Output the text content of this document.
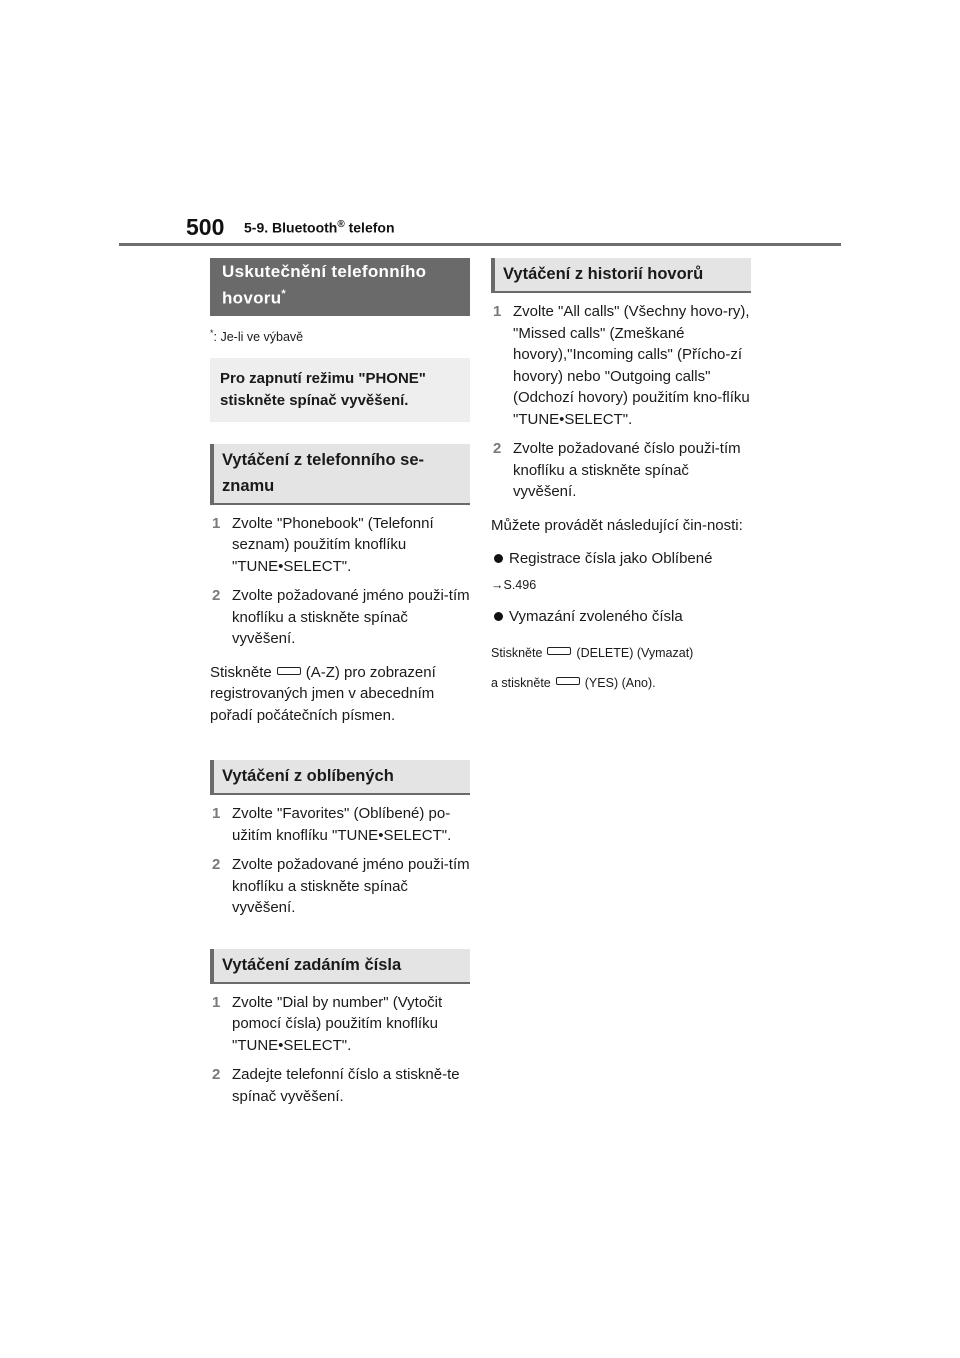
500 5-9. Bluetooth® telefon
Uskutečnění telefonního hovoru*
*: Je-li ve výbavě
Pro zapnutí režimu "PHONE" stiskněte spínač vyvěšení.
Vytáčení z telefonního se-znamu
1 Zvolte "Phonebook" (Telefonní seznam) použitím knoflíku "TUNE•SELECT".
2 Zvolte požadované jméno použi-tím knoflíku a stiskněte spínač vyvěšení.
Stiskněte (A-Z) pro zobrazení registrovaných jmen v abecedním pořadí počátečních písmen.
Vytáčení z oblíbených
1 Zvolte "Favorites" (Oblíbené) po-užitím knoflíku "TUNE•SELECT".
2 Zvolte požadované jméno použi-tím knoflíku a stiskněte spínač vyvěšení.
Vytáčení zadáním čísla
1 Zvolte "Dial by number" (Vytočit pomocí čísla) použitím knoflíku "TUNE•SELECT".
2 Zadejte telefonní číslo a stiskně-te spínač vyvěšení.
Vytáčení z historií hovorů
1 Zvolte "All calls" (Všechny hovo-ry), "Missed calls" (Zmeškané hovory),"Incoming calls" (Přícho-zí hovory) nebo "Outgoing calls" (Odchozí hovory) použitím kno-flíku "TUNE•SELECT".
2 Zvolte požadované číslo použi-tím knoflíku a stiskněte spínač vyvěšení.
Můžete provádět následující čin-nosti:
Registrace čísla jako Oblíbené
→S.496
Vymazání zvoleného čísla
Stiskněte	(DELETE) (Vymazat)
a stiskněte	(YES) (Ano).
